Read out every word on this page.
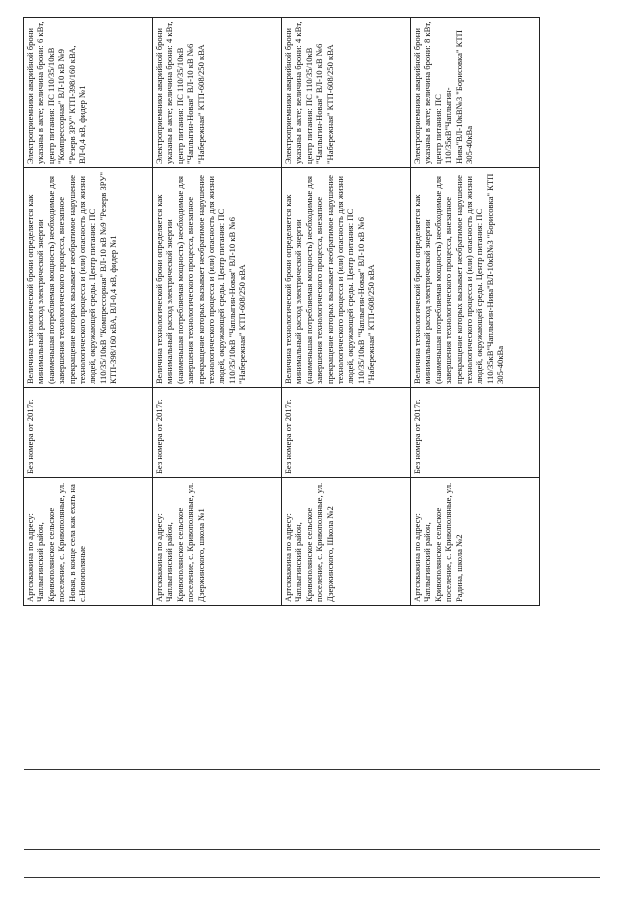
Артскважина по адресу: Чаплыгинский район, Кривополянское сельское поселение, с. Кривополяные, ул. Новая, в конце села как ехать на с.Новополяные	Без номера от 2017г.	Величина технологической брони определяется как минимальный расход электрической энергии (наименьшая потребляемая мощность) необходимые для завершения технологического процесса, внезапное прекращение которых вызывает необратимое нарушение технологического процесса и (или) опасность для жизни людей, окружающей среды. Центр питания: ПС 110/35/10кВ "Компрессорная" ВЛ-10 кВ №9 "Резерв ЗРУ" КТП-398/160 кВА, ВЛ-0,4 кВ, фидер №1	Электроприемники аварийной брони указаны в акте; величина брони: 6 кВт, центр питания: ПС 110/35/10кВ "Компрессорная" ВЛ-10 кВ №9 "Резерв ЗРУ" КТП-398/160 кВА, ВЛ-0,4 кВ, фидер №1
Артскважина по адресу: Чаплыгинский район, Кривополянское сельское поселение, с. Кривополяные, ул. Дзержинского, школа №1	Без номера от 2017г.	Величина технологической брони определяется как минимальный расход электрической энергии (наименьшая потребляемая мощность) необходимые для завершения технологического процесса, внезапное прекращение которых вызывает необратимое нарушение технологического процесса и (или) опасность для жизни людей, окружающей среды. Центр питания: ПС 110/35/10кВ "Чаплыгин-Новая" ВЛ-10 кВ №6 "Набережная" КТП-608/250 кВА	Электроприемники аварийной брони указаны в акте; величина брони: 4 кВт, центр питания: ПС 110/35/10кВ "Чаплыгин-Новая" ВЛ-10 кВ №6 "Набережная" КТП-608/250 кВА
Артскважина по адресу: Чаплыгинский район, Кривополянское сельское поселение, с. Кривополяные, ул. Дзержинского, Школа №2	Без номера от 2017г.	Величина технологической брони определяется как минимальный расход электрической энергии (наименьшая потребляемая мощность) необходимые для завершения технологического процесса, внезапное прекращение которых вызывает необратимое нарушение технологического процесса и (или) опасность для жизни людей, окружающей среды. Центр питания: ПС 110/35/10кВ "Чаплыгин-Новая" ВЛ-10 кВ №6 "Набережная" КТП-608/250 кВА	Электроприемники аварийной брони указаны в акте; величина брони: 4 кВт, центр питания: ПС 110/35/10кВ "Чаплыгин-Новая" ВЛ-10 кВ №6 "Набережная" КТП-608/250 кВА
Артскважина по адресу: Чаплыгинский район, Кривополянское сельское поселение, с. Кривополяные, ул. Радина, школа №2	Без номера от 2017г.	Величина технологической брони определяется как минимальный расход электрической энергии (наименьшая потребляемая мощность) необходимые для завершения технологического процесса, внезапное прекращение которых вызывает необратимое нарушение технологического процесса и (или) опасность для жизни людей, окружающей среды. Центр питания: ПС 110/35кВ"Чаплыгин-Нива"ВЛ-10кВ№3 "Борисовка" КТП 305-40кВа	Электроприемники аварийной брони указаны в акте; величина брони: 8 кВт, центр питания: ПС 110/35кВ"Чаплыгин- Нива"ВЛ-10кВ№3 "Борисовка" КТП 305-40кВа
